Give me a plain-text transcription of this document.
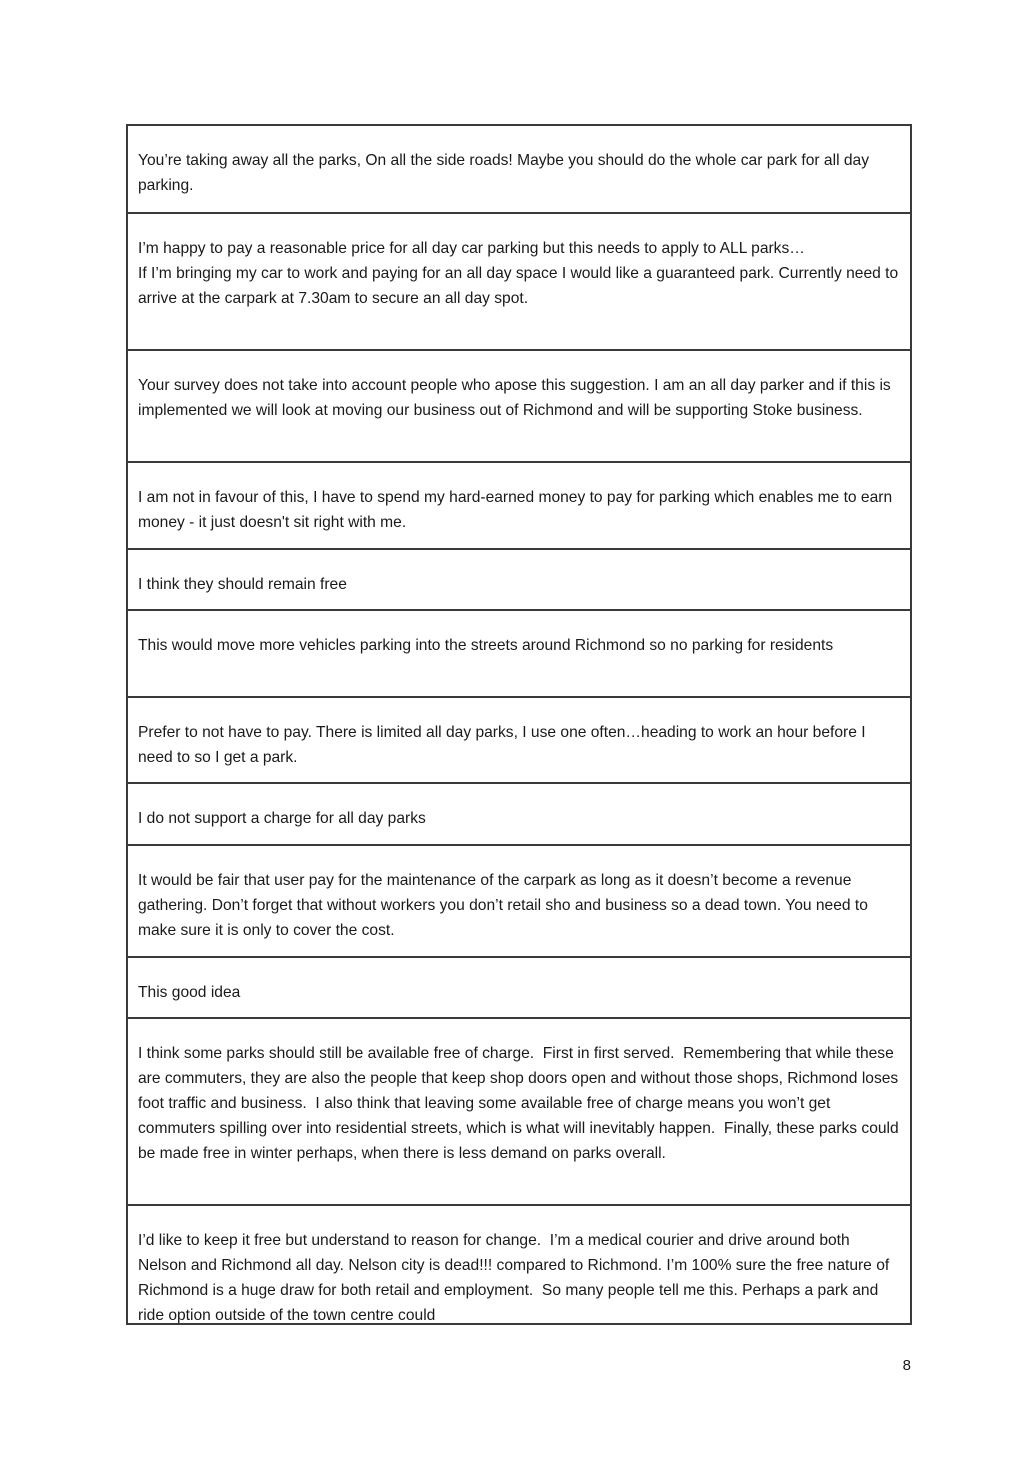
You’re taking away all the parks, On all the side roads! Maybe you should do the whole car park for all day parking.
I’m happy to pay a reasonable price for all day car parking but this needs to apply to ALL parks…
If I’m bringing my car to work and paying for an all day space I would like a guaranteed park. Currently need to arrive at the carpark at 7.30am to secure an all day spot.
Your survey does not take into account people who apose this suggestion. I am an all day parker and if this is implemented we will look at moving our business out of Richmond and will be supporting Stoke business.
I am not in favour of this, I have to spend my hard-earned money to pay for parking which enables me to earn money - it just doesn't sit right with me.
I think they should remain free
This would move more vehicles parking into the streets around Richmond so no parking for residents
Prefer to not have to pay. There is limited all day parks, I use one often…heading to work an hour before I need to so I get a park.
I do not support a charge for all day parks
It would be fair that user pay for the maintenance of the carpark as long as it doesn’t become a revenue gathering. Don’t forget that without workers you don’t retail sho and business so a dead town. You need to make sure it is only to cover the cost.
This good idea
I think some parks should still be available free of charge.  First in first served.  Remembering that while these are commuters, they are also the people that keep shop doors open and without those shops, Richmond loses foot traffic and business.  I also think that leaving some available free of charge means you won’t get commuters spilling over into residential streets, which is what will inevitably happen.  Finally, these parks could be made free in winter perhaps, when there is less demand on parks overall.
I’d like to keep it free but understand to reason for change.  I’m a medical courier and drive around both Nelson and Richmond all day. Nelson city is dead!!! compared to Richmond. I’m 100% sure the free nature of Richmond is a huge draw for both retail and employment.  So many people tell me this. Perhaps a park and ride option outside of the town centre could
8
